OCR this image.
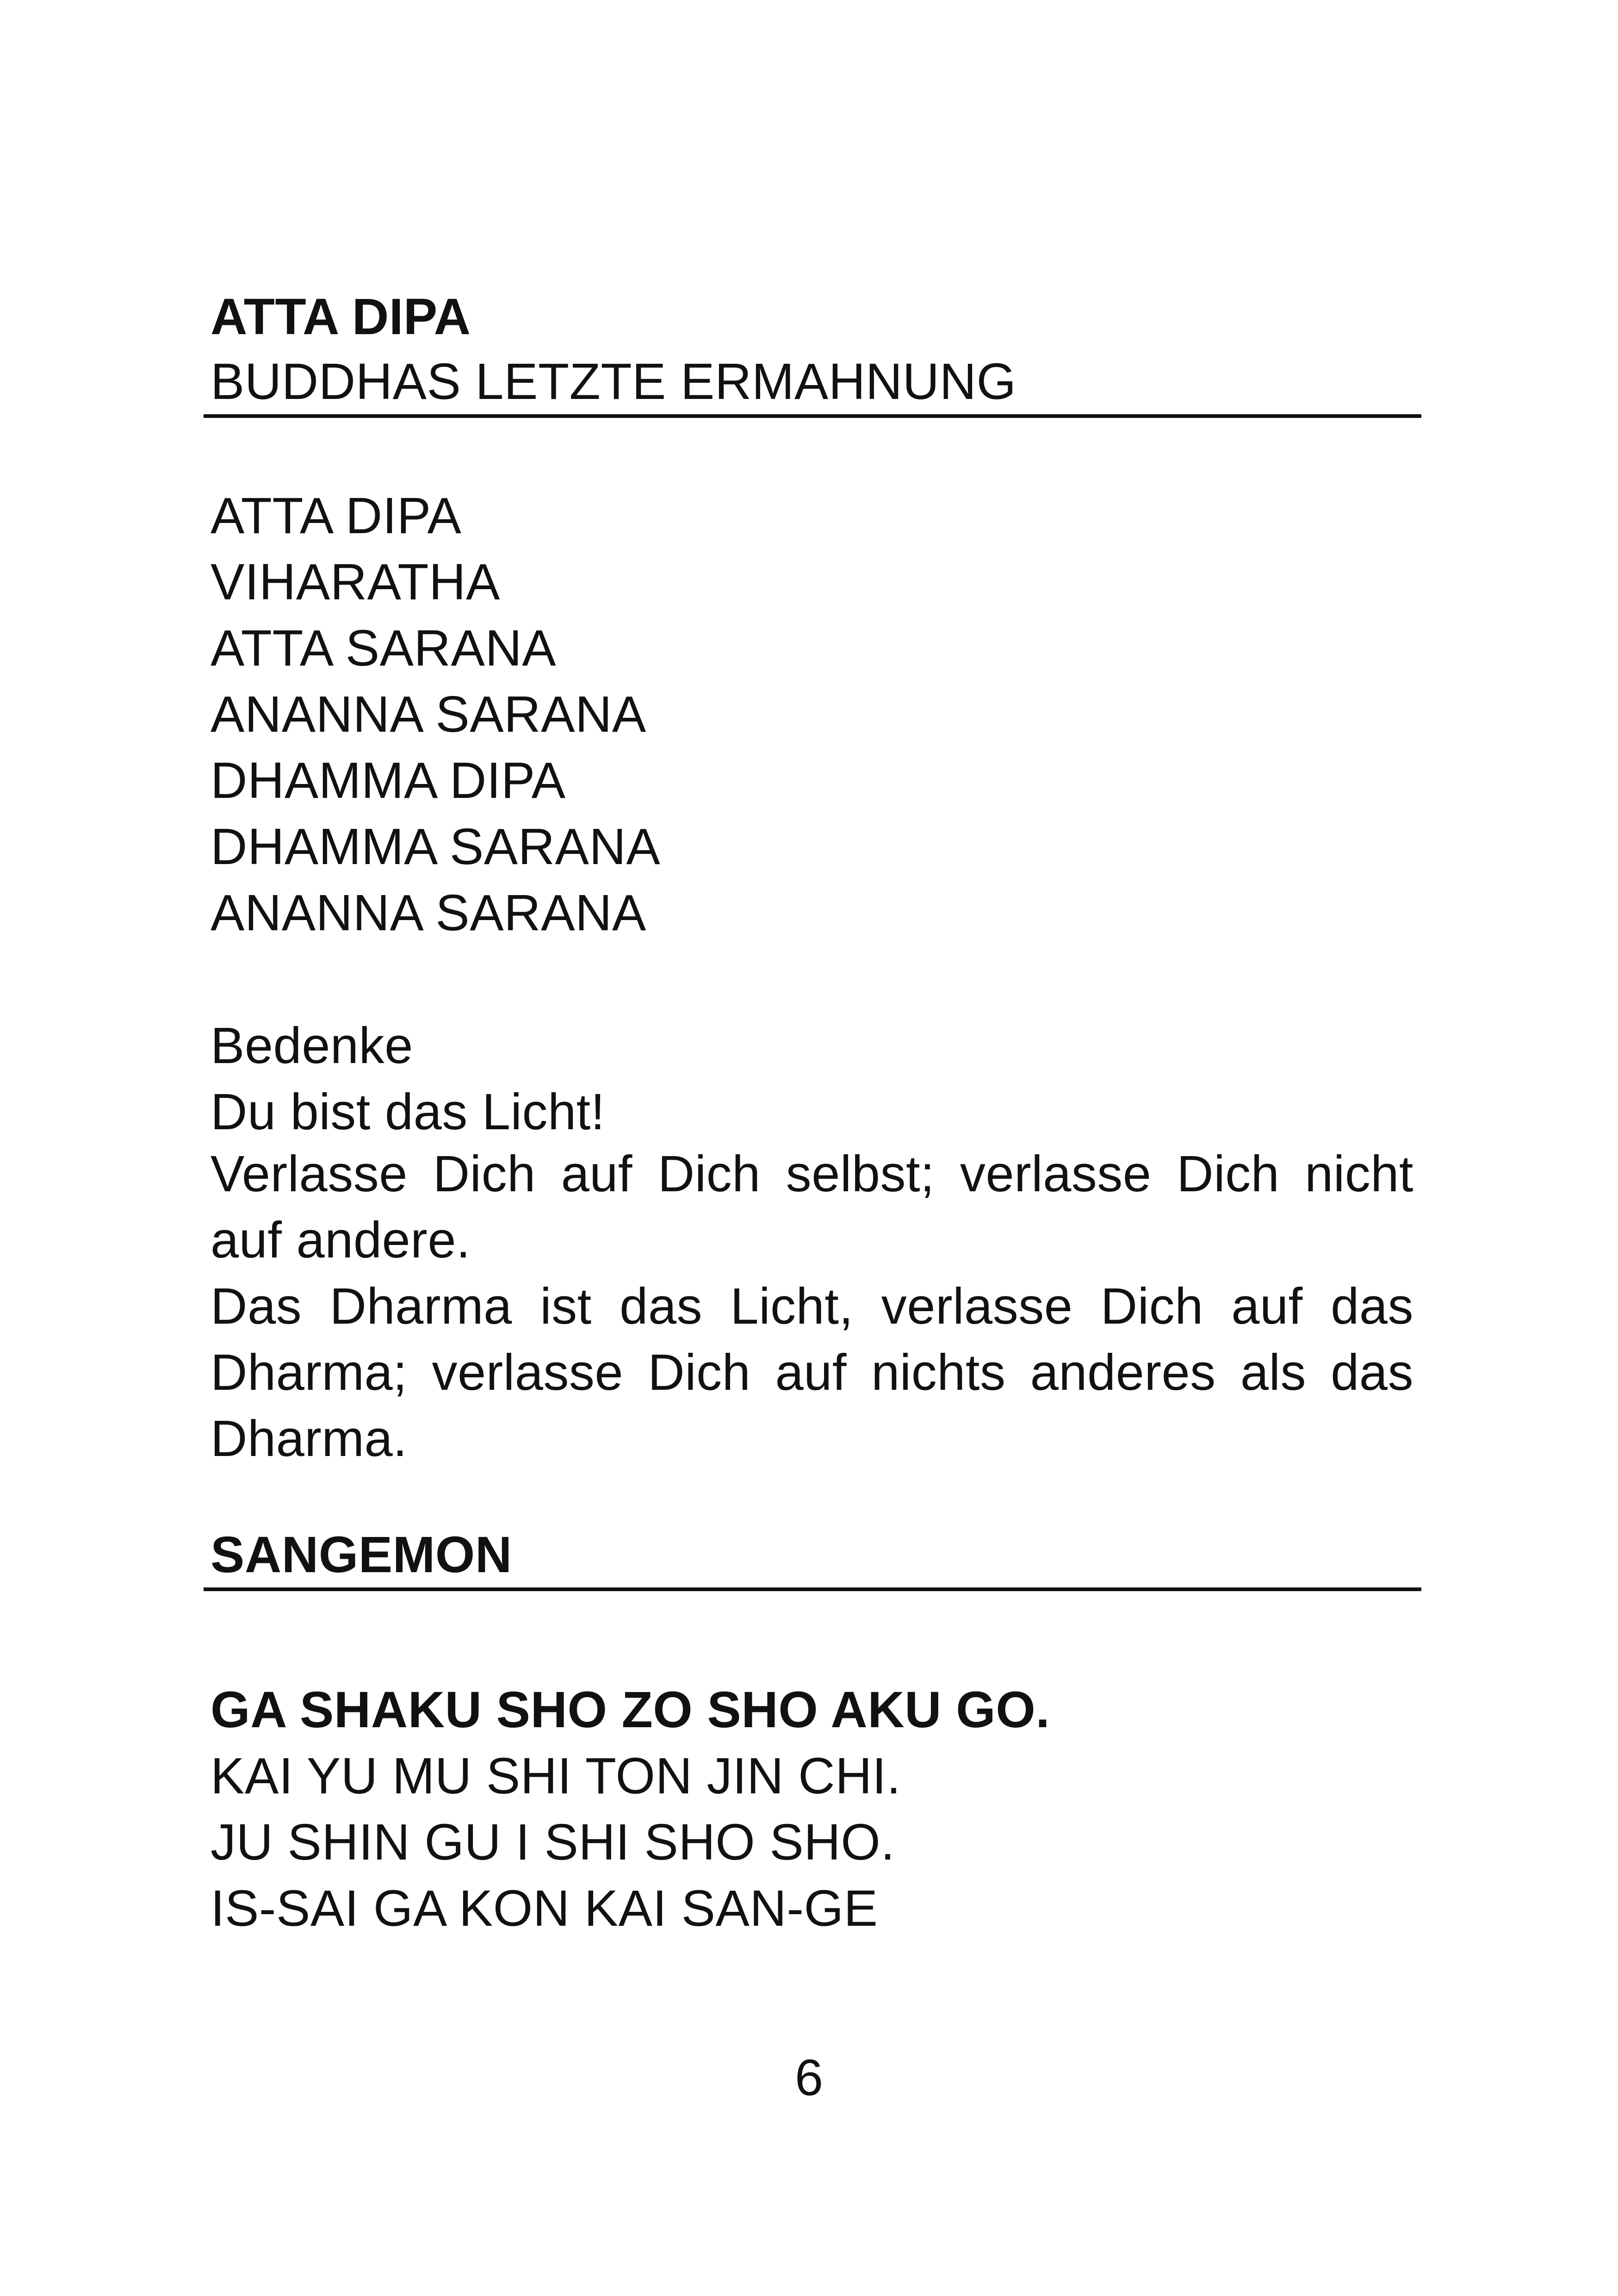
ATTA DIPA
BUDDHAS LETZTE ERMAHNUNG
ATTA DIPA
VIHARATHA
ATTA SARANA
ANANNA SARANA
DHAMMA DIPA
DHAMMA SARANA
ANANNA SARANA
Bedenke
Du bist das Licht!
Verlasse Dich auf Dich selbst; verlasse Dich nicht auf andere.
Das Dharma ist das Licht, verlasse Dich auf das Dharma; verlasse Dich auf nichts anderes als das Dharma.
SANGEMON
GA SHAKU SHO ZO SHO AKU GO.
KAI YU MU SHI TON JIN CHI.
JU SHIN GU I SHI SHO SHO.
IS-SAI GA KON KAI SAN-GE
6
